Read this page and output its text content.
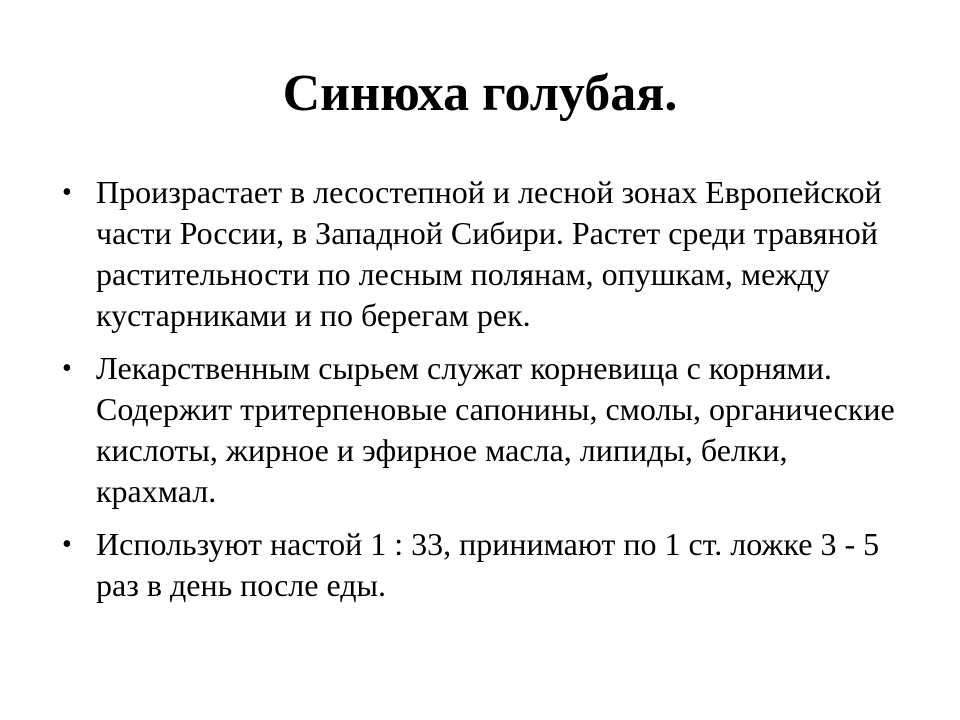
Синюха голубая.
• Произрастает в лесостепной и лесной зонах Европейской части России, в Западной Сибири. Растет среди травяной растительности по лесным полянам, опушкам, между кустарниками и по берегам рек.
• Лекарственным сырьем служат корневища с корнями. Содержит тритерпеновые сапонины, смолы, органические кислоты, жирное и эфирное масла, липиды, белки, крахмал.
• Используют настой 1 : 33, принимают по 1 ст. ложке 3 - 5 раз в день после еды.
